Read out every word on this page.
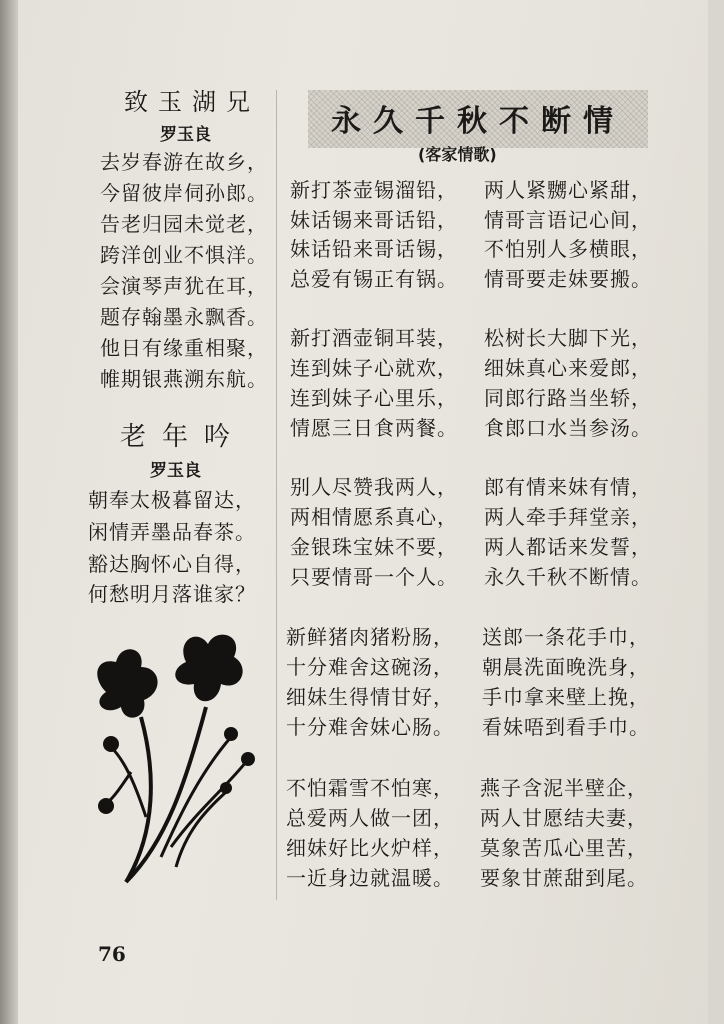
致玉湖兄
罗玉良
去岁春游在故乡，
今留彼岸伺孙郎。
告老归园未觉老，
跨洋创业不惧洋。
会演琴声犹在耳，
题存翰墨永飘香。
他日有缘重相聚，
帷期银燕溯东航。
老年吟
罗玉良
朝奉太极暮留达，
闲情弄墨品春茶。
豁达胸怀心自得，
何愁明月落谁家？
永久千秋不断情
(客家情歌)
新打茶壶锡溜铅，
妹话锡来哥话铅，
妹话铅来哥话锡，
总爱有锡正有锅。
新打酒壶铜耳装，
连到妹子心就欢，
连到妹子心里乐，
情愿三日食两餐。
别人尽赞我两人，
两相情愿系真心，
金银珠宝妹不要，
只要情哥一个人。
新鲜猪肉猪粉肠，
十分难舍这碗汤，
细妹生得情甘好，
十分难舍妹心肠。
不怕霜雪不怕寒，
总爱两人做一团，
细妹好比火炉样，
一近身边就温暖。
两人紧嬲心紧甜，
情哥言语记心间，
不怕别人多横眼，
情哥要走妹要搬。
松树长大脚下光，
细妹真心来爱郎，
同郎行路当坐轿，
食郎口水当参汤。
郎有情来妹有情，
两人牵手拜堂亲，
两人都话来发誓，
永久千秋不断情。
送郎一条花手巾，
朝晨洗面晚洗身，
手巾拿来壁上挽，
看妹唔到看手巾。
燕子含泥半壁企，
两人甘愿结夫妻，
莫象苦瓜心里苦，
要象甘蔗甜到尾。
76
